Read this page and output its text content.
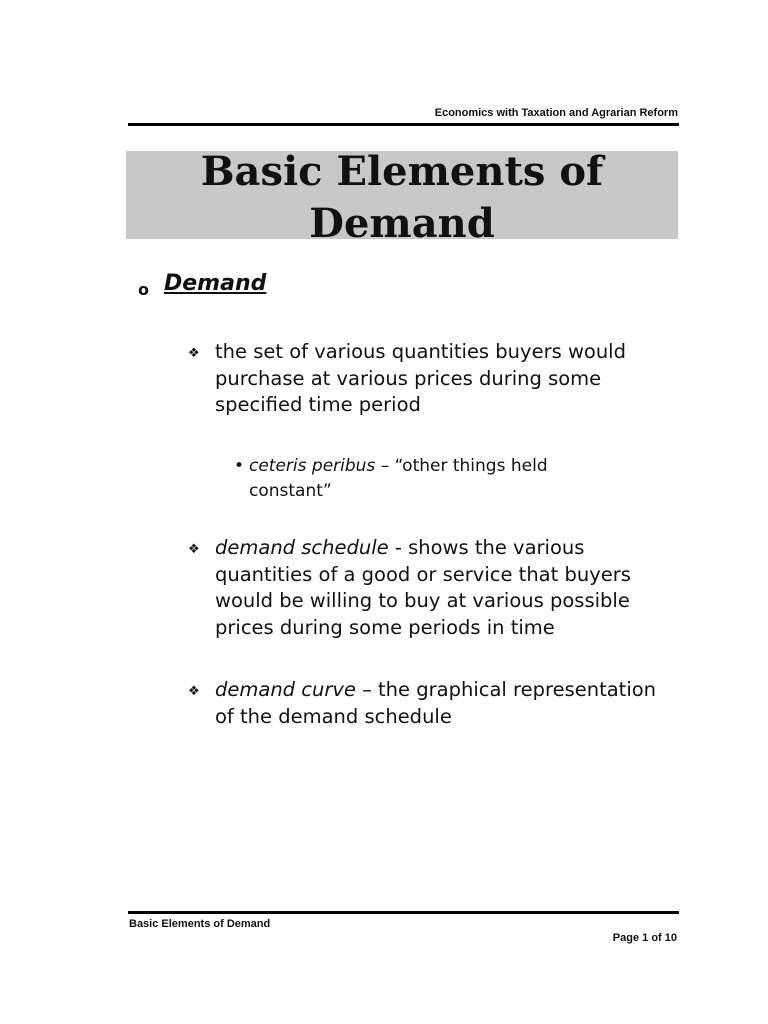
Economics with Taxation and Agrarian Reform
Basic Elements of
Demand
o Demand
❖ the set of various quantities buyers would purchase at various prices during some specified time period
• ceteris peribus – “other things held constant”
❖ demand schedule - shows the various quantities of a good or service that buyers would be willing to buy at various possible prices during some periods in time
❖ demand curve – the graphical representation of the demand schedule
Basic Elements of Demand
Page 1 of 10
